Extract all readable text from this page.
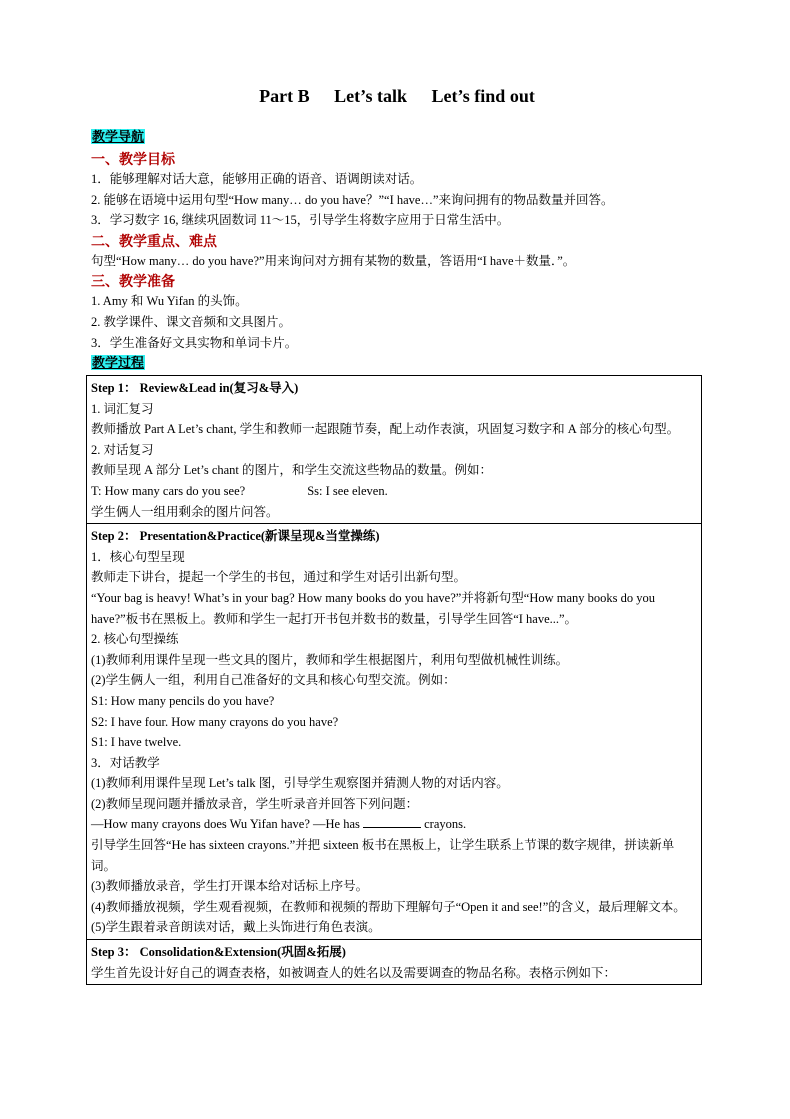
Part B Let’s talk Let’s find out
教学导航
一、教学目标
1．能够理解对话大意，能够用正确的语音、语调朗读对话。
2. 能够在语境中运用句型“How many… do you have？”“I have…”来询问拥有的物品数量并回答。
3．学习数字 16, 继续巩固数词 11～15，引导学生将数字应用于日常生活中。
二、教学重点、难点
句型“How many… do you have?”用来询问对方拥有某物的数量，答语用“I have＋数量．”。
三、教学准备
1. Amy 和 Wu Yifan 的头饰。
2. 教学课件、课文音频和文具图片。
3．学生准备好文具实物和单词卡片。
教学过程
Step 1： Review&Lead in(复习&导入)
1. 词汇复习
教师播放 Part A Let’s chant, 学生和教师一起跟随节奏，配上动作表演，巩固复习数字和 A 部分的核心句型。
2. 对话复习
教师呈现 A 部分 Let’s chant 的图片，和学生交流这些物品的数量。例如：
T: How many cars do you see?	Ss: I see eleven.
学生俩人一组用剩余的图片问答。

Step 2： Presentation&Practice(新课呈现&当堂操练)
1．核心句型呈现
教师走下讲台，提起一个学生的书包，通过和学生对话引出新句型。
“Your bag is heavy! What’s in your bag? How many books do you have?”并将新句型“How many books do you have?”板书在黑板上。教师和学生一起打开书包并数书的数量，引导学生回答“I have...”。
2. 核心句型操练
(1)教师利用课件呈现一些文具的图片，教师和学生根据图片，利用句型做机械性训练。
(2)学生俩人一组，利用自己准备好的文具和核心句型交流。例如：
S1: How many pencils do you have?
S2: I have four. How many crayons do you have?
S1: I have twelve.
3．对话教学
(1)教师利用课件呈现 Let’s talk 图，引导学生观察图并猜测人物的对话内容。
(2)教师呈现问题并播放录音，学生听录音并回答下列问题：
—How many crayons does Wu Yifan have? —He has	crayons.
引导学生回答“He has sixteen crayons.”并把 sixteen 板书在黑板上，让学生联系上节课的数字规律，拼读新单词。
(3)教师播放录音，学生打开课本给对话标上序号。
(4)教师播放视频，学生观看视频，在教师和视频的帮助下理解句子“Open it and see!”的含义，最后理解文本。
(5)学生跟着录音朗读对话，戴上头饰进行角色表演。

Step 3： Consolidation&Extension(巩固&拓展)
学生首先设计好自己的调查表格，如被调查人的姓名以及需要调查的物品名称。表格示例如下：
